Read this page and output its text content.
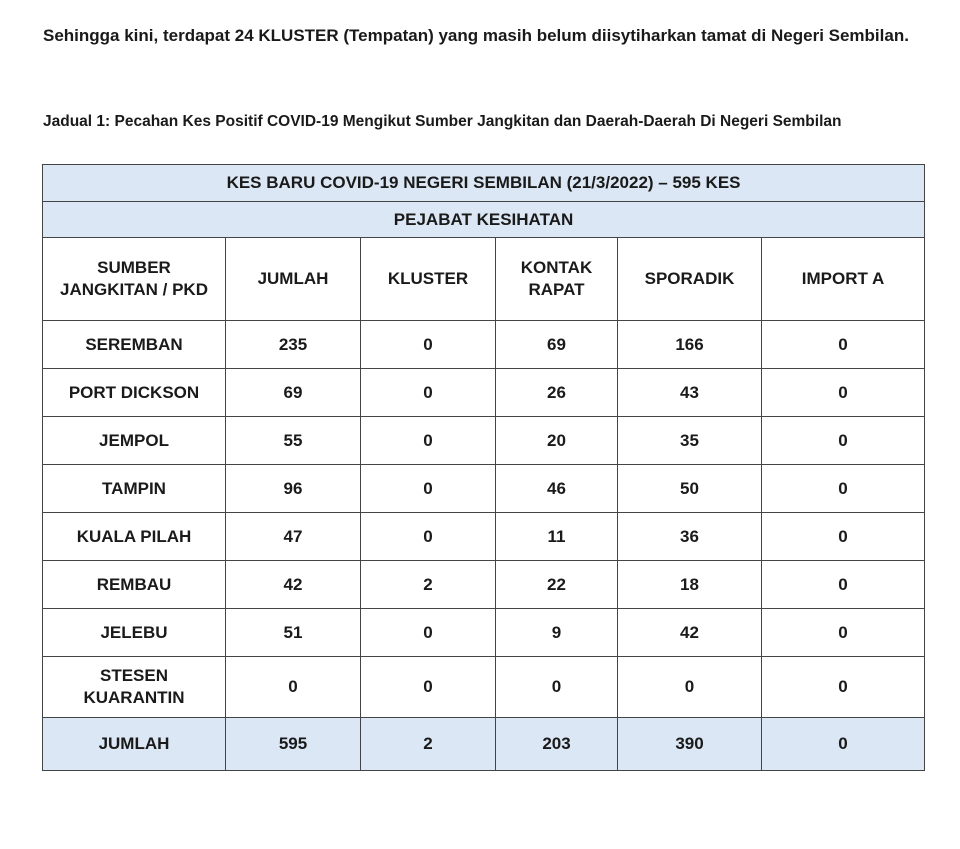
Sehingga kini, terdapat 24 KLUSTER (Tempatan) yang masih belum diisytiharkan tamat di Negeri Sembilan.

Jadual 1: Pecahan Kes Positif COVID-19 Mengikut Sumber Jangkitan dan Daerah-Daerah Di Negeri Sembilan

KES BARU COVID-19 NEGERI SEMBILAN (21/3/2022) – 595 KES					
PEJABAT KESIHATAN					
SUMBER JANGKITAN / PKD	JUMLAH	KLUSTER	KONTAK RAPAT	SPORADIK	IMPORT A
SEREMBAN	235	0	69	166	0
PORT DICKSON	69	0	26	43	0
JEMPOL	55	0	20	35	0
TAMPIN	96	0	46	50	0
KUALA PILAH	47	0	11	36	0
REMBAU	42	2	22	18	0
JELEBU	51	0	9	42	0
STESEN KUARANTIN	0	0	0	0	0
JUMLAH	595	2	203	390	0
